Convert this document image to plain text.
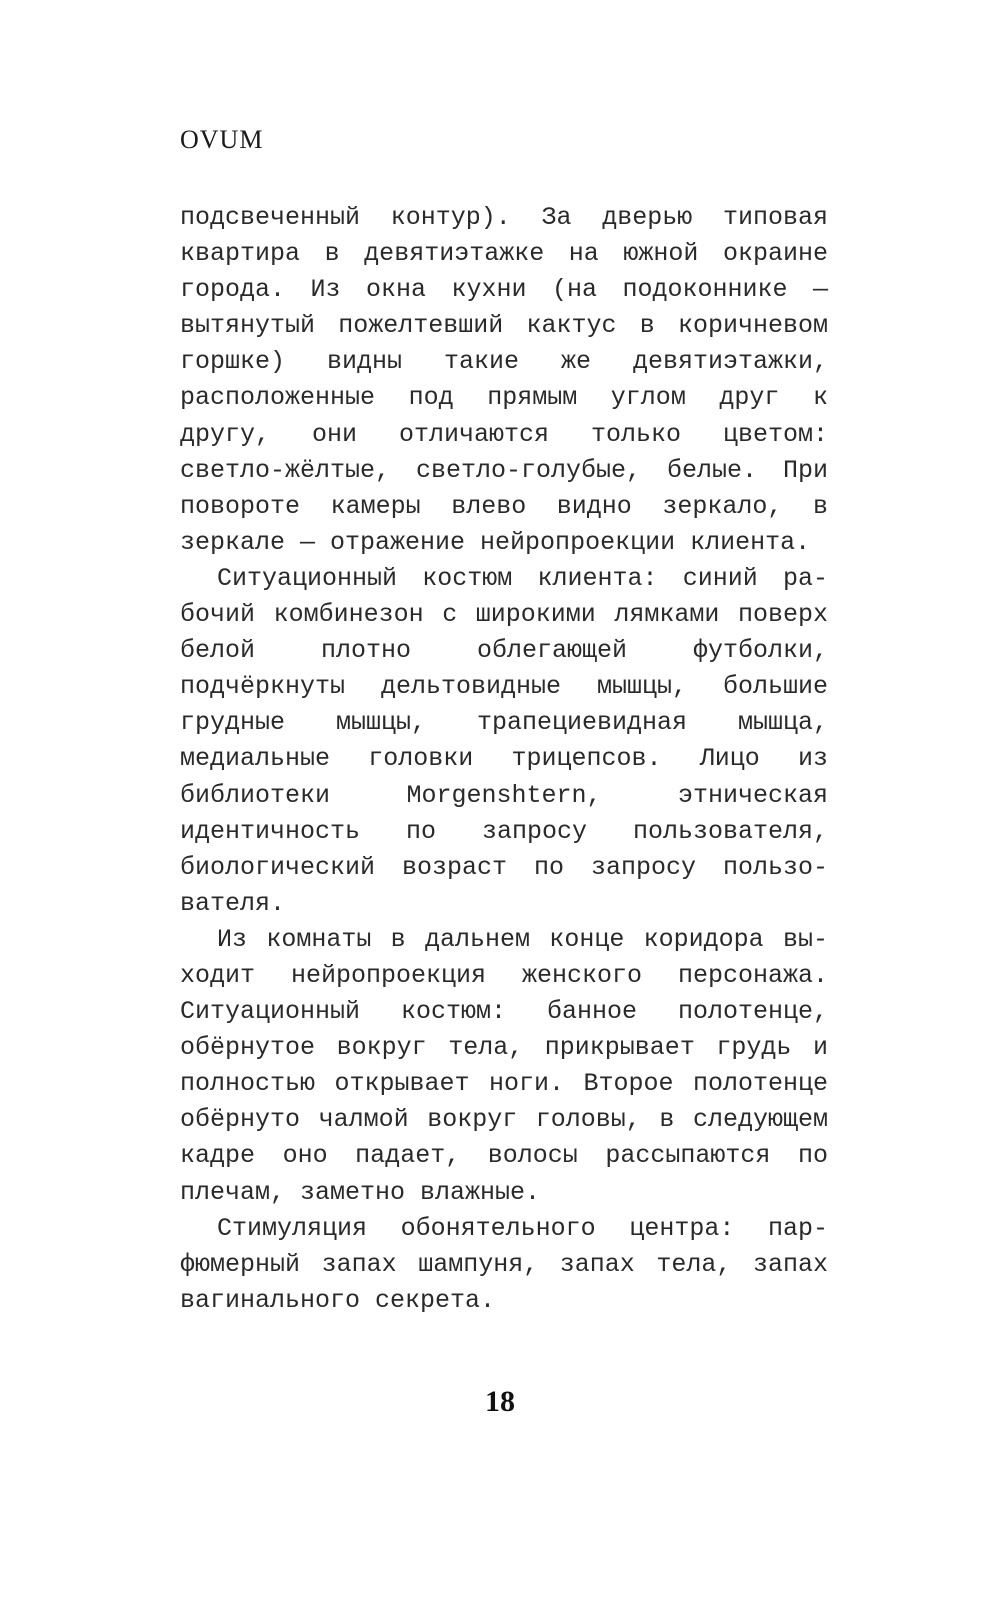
OVUM

подсвеченный контур). За дверью типовая квартира в девятиэтажке на южной окраине города. Из окна кухни (на подоконнике — вытянутый пожелтевший кактус в коричневом горшке) видны такие же девятиэтажки, расположенные под прямым углом друг к другу, они отличаются только цветом: светло-жёлтые, светло-голубые, белые. При повороте камеры влево видно зеркало, в зеркале — отражение нейропроекции клиента.

Ситуационный костюм клиента: синий рабочий комбинезон с широкими лямками поверх белой плотно облегающей футболки, подчёркнуты дельтовидные мышцы, большие грудные мышцы, трапециевидная мышца, медиальные головки трицепсов. Лицо из библиотеки Morgenshtern, этническая идентичность по запросу пользователя, биологический возраст по запросу пользователя.

Из комнаты в дальнем конце коридора выходит нейропроекция женского персонажа. Ситуационный костюм: банное полотенце, обёрнутое вокруг тела, прикрывает грудь и полностью открывает ноги. Второе полотенце обёрнуто чалмой вокруг головы, в следующем кадре оно падает, волосы рассыпаются по плечам, заметно влажные.

Стимуляция обонятельного центра: парфюмерный запах шампуня, запах тела, запах вагинального секрета.

18
